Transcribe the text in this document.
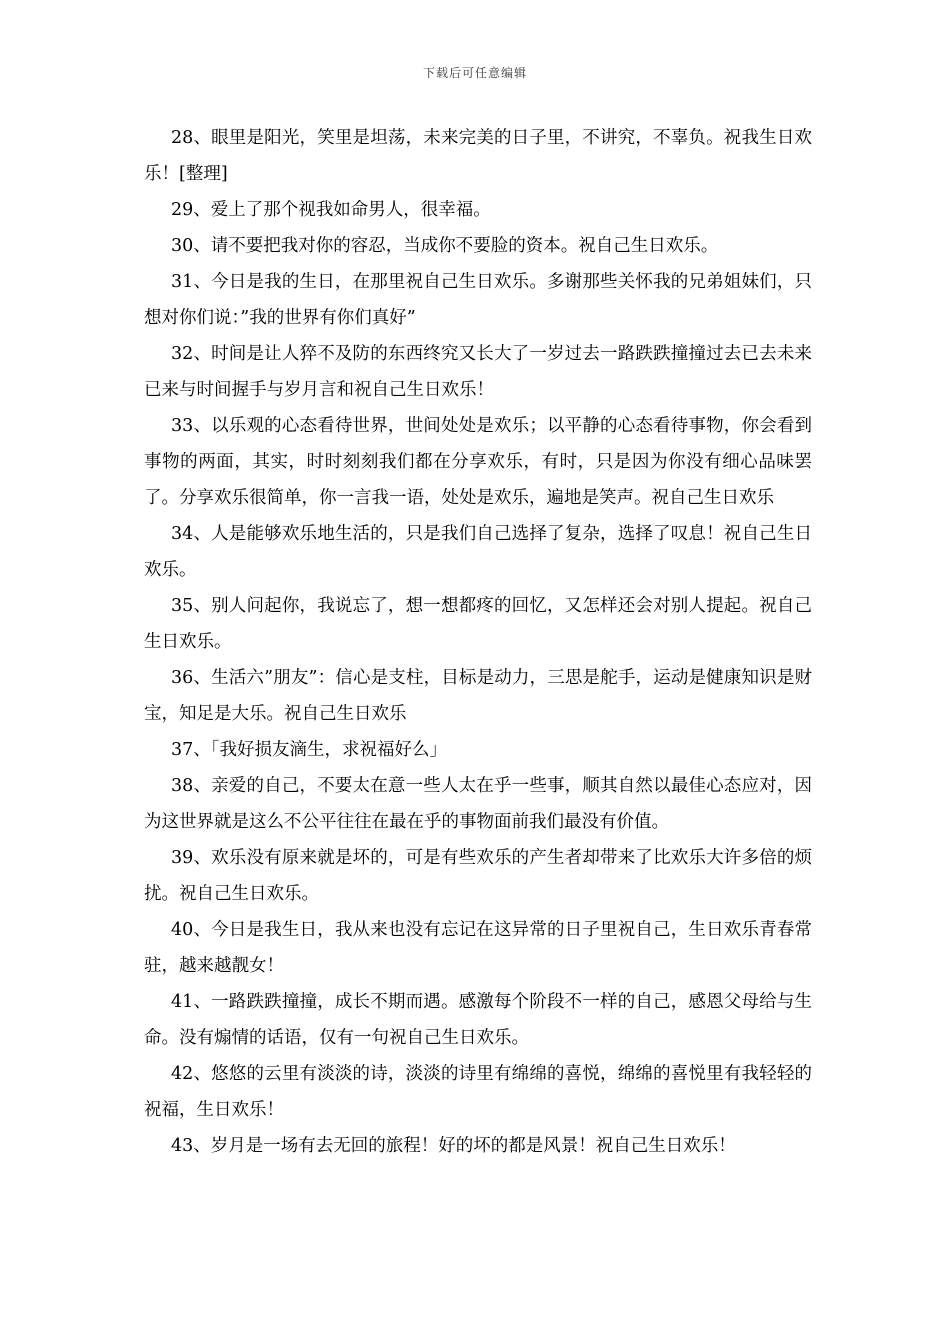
下载后可任意编辑

28、眼里是阳光，笑里是坦荡，未来完美的日子里，不讲究，不辜负。祝我生日欢乐！[整理]

29、爱上了那个视我如命男人，很幸福。

30、请不要把我对你的容忍，当成你不要脸的资本。祝自己生日欢乐。

31、今日是我的生日，在那里祝自己生日欢乐。多谢那些关怀我的兄弟姐妹们，只想对你们说：”我的世界有你们真好”

32、时间是让人猝不及防的东西终究又长大了一岁过去一路跌跌撞撞过去已去未来已来与时间握手与岁月言和祝自己生日欢乐！

33、以乐观的心态看待世界，世间处处是欢乐；以平静的心态看待事物，你会看到事物的两面，其实，时时刻刻我们都在分享欢乐，有时，只是因为你没有细心品味罢了。分享欢乐很简单，你一言我一语，处处是欢乐，遍地是笑声。祝自己生日欢乐

34、人是能够欢乐地生活的，只是我们自己选择了复杂，选择了叹息！祝自己生日欢乐。

35、别人问起你，我说忘了，想一想都疼的回忆，又怎样还会对别人提起。祝自己生日欢乐。

36、生活六”朋友”：信心是支柱，目标是动力，三思是舵手，运动是健康知识是财宝，知足是大乐。祝自己生日欢乐

37、「我好损友滴生，求祝福好么」

38、亲爱的自己，不要太在意一些人太在乎一些事，顺其自然以最佳心态应对，因为这世界就是这么不公平往往在最在乎的事物面前我们最没有价值。

39、欢乐没有原来就是坏的，可是有些欢乐的产生者却带来了比欢乐大许多倍的烦扰。祝自己生日欢乐。

40、今日是我生日，我从来也没有忘记在这异常的日子里祝自己，生日欢乐青春常驻，越来越靓女！

41、一路跌跌撞撞，成长不期而遇。感激每个阶段不一样的自己，感恩父母给与生命。没有煽情的话语，仅有一句祝自己生日欢乐。

42、悠悠的云里有淡淡的诗，淡淡的诗里有绵绵的喜悦，绵绵的喜悦里有我轻轻的祝福，生日欢乐！

43、岁月是一场有去无回的旅程！好的坏的都是风景！祝自己生日欢乐！
